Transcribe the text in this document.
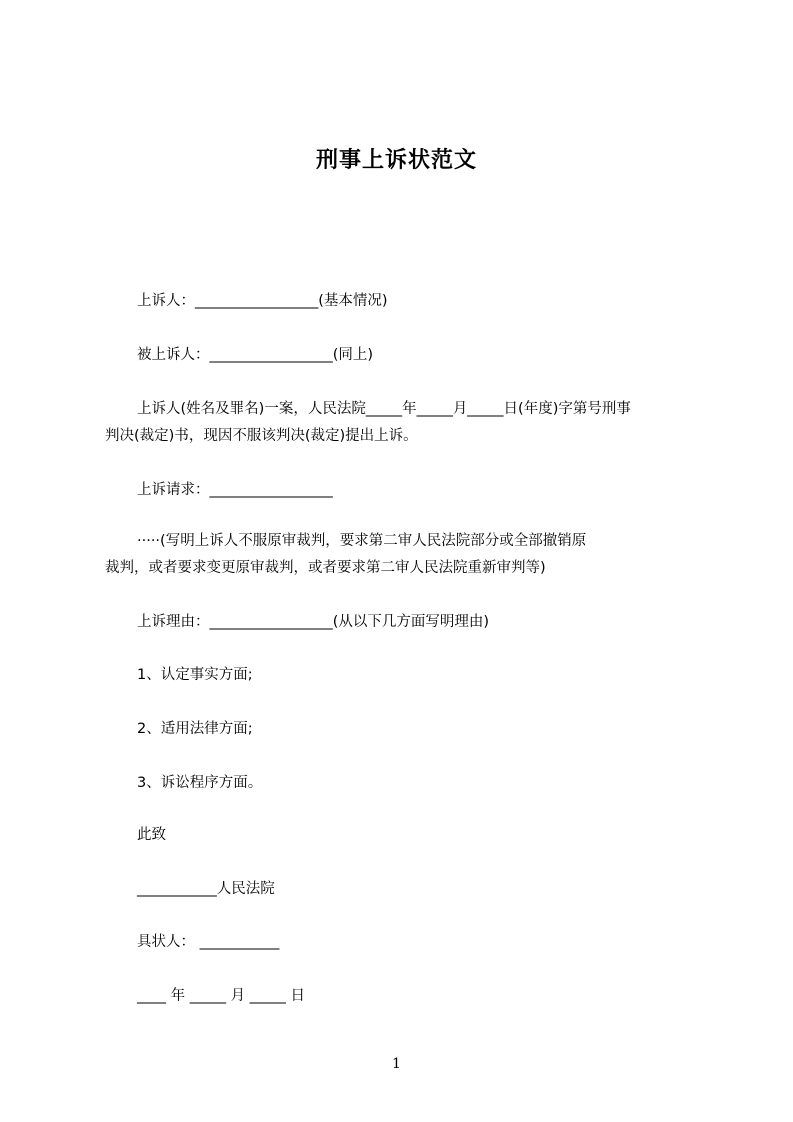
刑事上诉状范文
上诉人：_________________(基本情况)
被上诉人：_________________(同上)
上诉人(姓名及罪名)一案，人民法院_____年_____月_____日(年度)字第号刑事
判决(裁定)书，现因不服该判决(裁定)提出上诉。
上诉请求：_________________
·····(写明上诉人不服原审裁判，要求第二审人民法院部分或全部撤销原
裁判，或者要求变更原审裁判，或者要求第二审人民法院重新审判等)
上诉理由：_________________(从以下几方面写明理由)
1、认定事实方面;
2、适用法律方面;
3、诉讼程序方面。
此致
___________人民法院
具状人： ___________
____ 年 _____ 月 _____ 日
1
